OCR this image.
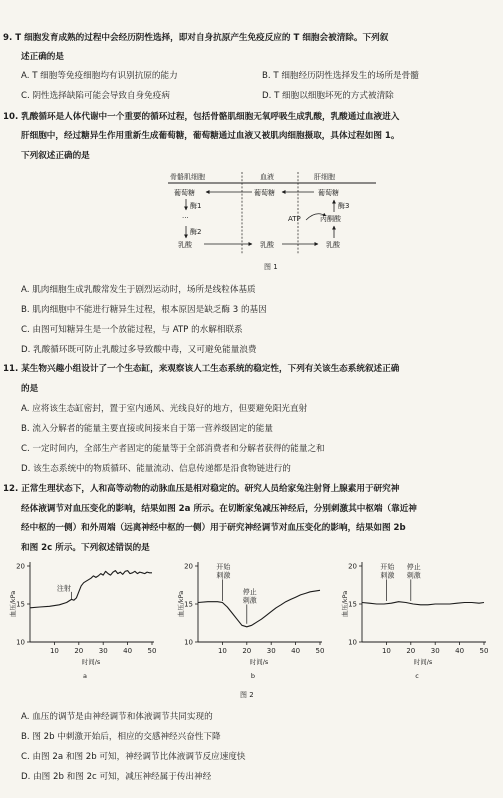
9. T 细胞发育成熟的过程中会经历阴性选择，即对自身抗原产生免疫反应的 T 细胞会被清除。下列叙
述正确的是
A. T 细胞等免疫细胞均有识别抗原的能力	B. T 细胞经历阴性选择发生的场所是骨髓
C. 阴性选择缺陷可能会导致自身免疫病	D. T 细胞以细胞坏死的方式被清除
10. 乳酸循环是人体代谢中一个重要的循环过程，包括骨骼肌细胞无氧呼吸生成乳酸，乳酸通过血液进入
肝细胞中，经过糖异生作用重新生成葡萄糖，葡萄糖通过血液又被肌肉细胞摄取，具体过程如图 1。
下列叙述正确的是
骨骼肌细胞	血液	肝细胞
葡萄糖	葡萄糖	葡萄糖
酶1
···
酶2
酶3
ATP	丙酮酸
乳酸	乳酸	乳酸
图 1
A. 肌肉细胞生成乳酸常发生于剧烈运动时，场所是线粒体基质
B. 肌肉细胞中不能进行糖异生过程，根本原因是缺乏酶 3 的基因
C. 由图可知糖异生是一个放能过程，与 ATP 的水解相联系
D. 乳酸循环既可防止乳酸过多导致酸中毒，又可避免能量浪费
11. 某生物兴趣小组设计了一个生态缸，来观察该人工生态系统的稳定性，下列有关该生态系统叙述正确
的是
A. 应将该生态缸密封，置于室内通风、光线良好的地方，但要避免阳光直射
B. 流入分解者的能量主要直接或间接来自于第一营养级固定的能量
C. 一定时间内，全部生产者固定的能量等于全部消费者和分解者获得的能量之和
D. 该生态系统中的物质循环、能量流动、信息传递都是沿食物链进行的
12. 正常生理状态下，人和高等动物的动脉血压是相对稳定的。研究人员给家兔注射肾上腺素用于研究神
经体液调节对血压变化的影响，结果如图 2a 所示。在切断家兔减压神经后，分别刺激其中枢端（靠近神
经中枢的一侧）和外周端（远离神经中枢的一侧）用于研究神经调节对血压变化的影响，结果如图 2b
和图 2c 所示。下列叙述错误的是
10
15
20
10 20 30 40 50
血压/kPa
时间/s
a
注射
10
15
20
10 20 30 40 50
血压/kPa
时间/s
b
开始
刺激
停止
刺激
10
15
20
10 20 30 40 50
血压/kPa
时间/s
c
开始
刺激
停止
刺激
图 2
A. 血压的调节是由神经调节和体液调节共同实现的
B. 图 2b 中刺激开始后，相应的交感神经兴奋性下降
C. 由图 2a 和图 2b 可知，神经调节比体液调节反应速度快
D. 由图 2b 和图 2c 可知，减压神经属于传出神经
